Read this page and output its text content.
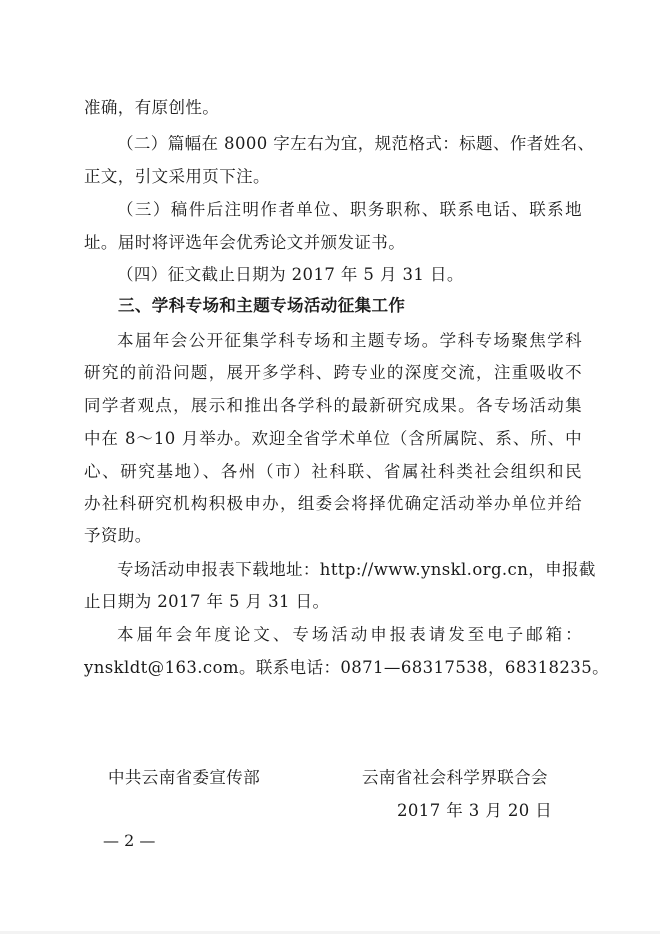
准确，有原创性。
（二）篇幅在 8000 字左右为宜，规范格式：标题、作者姓名、
正文，引文采用页下注。
（三）稿件后注明作者单位、职务职称、联系电话、联系地
址。届时将评选年会优秀论文并颁发证书。
（四）征文截止日期为 2017 年 5 月 31 日。
三、学科专场和主题专场活动征集工作
本届年会公开征集学科专场和主题专场。学科专场聚焦学科
研究的前沿问题，展开多学科、跨专业的深度交流，注重吸收不
同学者观点，展示和推出各学科的最新研究成果。各专场活动集
中在 8～10 月举办。欢迎全省学术单位（含所属院、系、所、中
心、研究基地）、各州（市）社科联、省属社科类社会组织和民
办社科研究机构积极申办，组委会将择优确定活动举办单位并给
予资助。
专场活动申报表下载地址：http://www.ynskl.org.cn，申报截
止日期为 2017 年 5 月 31 日。
本届年会年度论文、专场活动申报表请发至电子邮箱：
ynskldt@163.com。联系电话：0871—68317538，68318235。
中共云南省委宣传部	云南省社会科学界联合会
2017 年 3 月 20 日
— 2 —
